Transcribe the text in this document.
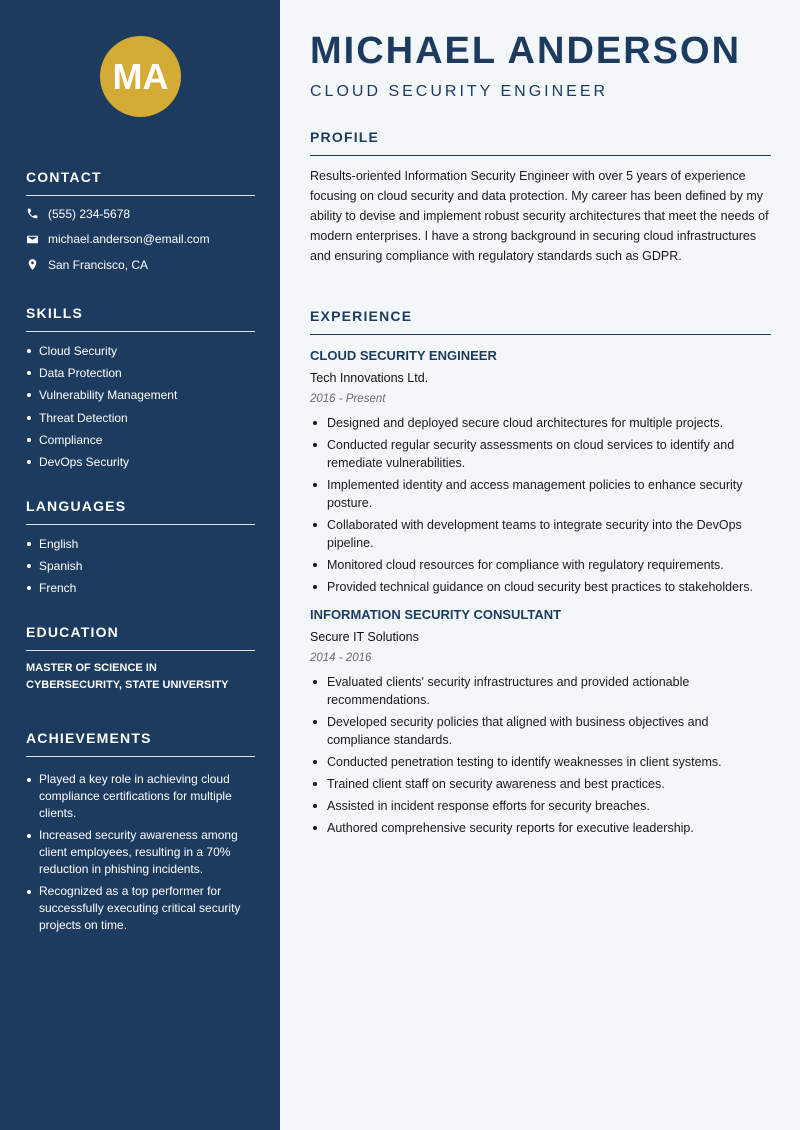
MA
CONTACT
(555) 234-5678
michael.anderson@email.com
San Francisco, CA
SKILLS
Cloud Security
Data Protection
Vulnerability Management
Threat Detection
Compliance
DevOps Security
LANGUAGES
English
Spanish
French
EDUCATION
MASTER OF SCIENCE IN CYBERSECURITY, STATE UNIVERSITY
ACHIEVEMENTS
Played a key role in achieving cloud compliance certifications for multiple clients.
Increased security awareness among client employees, resulting in a 70% reduction in phishing incidents.
Recognized as a top performer for successfully executing critical security projects on time.
MICHAEL ANDERSON
CLOUD SECURITY ENGINEER
PROFILE

Results-oriented Information Security Engineer with over 5 years of experience focusing on cloud security and data protection. My career has been defined by my ability to devise and implement robust security architectures that meet the needs of modern enterprises. I have a strong background in securing cloud infrastructures and ensuring compliance with regulatory standards such as GDPR.

EXPERIENCE
CLOUD SECURITY ENGINEER
Tech Innovations Ltd.
2016 - Present
Designed and deployed secure cloud architectures for multiple projects.
Conducted regular security assessments on cloud services to identify and remediate vulnerabilities.
Implemented identity and access management policies to enhance security posture.
Collaborated with development teams to integrate security into the DevOps pipeline.
Monitored cloud resources for compliance with regulatory requirements.
Provided technical guidance on cloud security best practices to stakeholders.
INFORMATION SECURITY CONSULTANT
Secure IT Solutions
2014 - 2016
Evaluated clients' security infrastructures and provided actionable recommendations.
Developed security policies that aligned with business objectives and compliance standards.
Conducted penetration testing to identify weaknesses in client systems.
Trained client staff on security awareness and best practices.
Assisted in incident response efforts for security breaches.
Authored comprehensive security reports for executive leadership.
